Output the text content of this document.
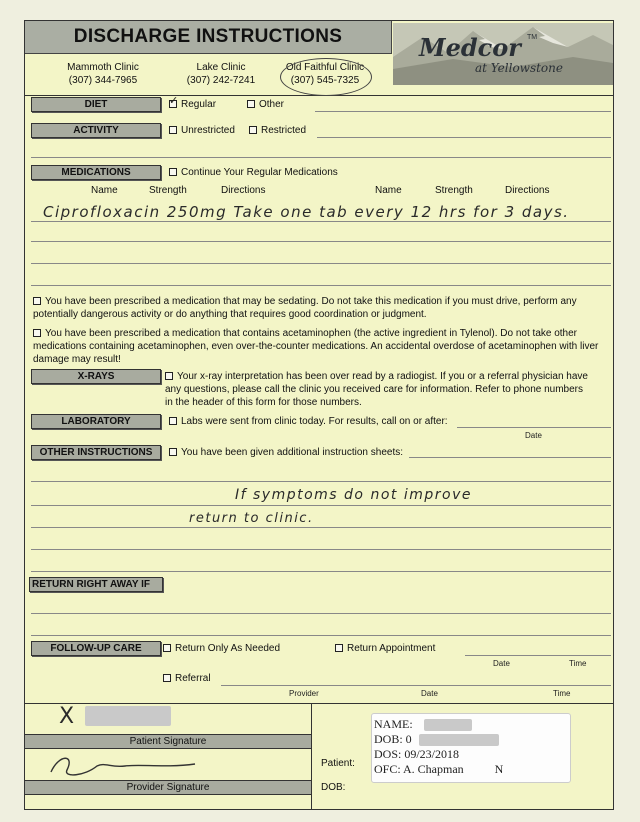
DISCHARGE INSTRUCTIONS
Mammoth Clinic
(307) 344-7965
Lake Clinic
(307) 242-7241
Old Faithful Clinic
(307) 545-7325
Medcor TM
at Yellowstone
DIET	✓ Regular	Other
ACTIVITY	Unrestricted	Restricted
MEDICATIONS	Continue Your Regular Medications
Name	Strength	Directions	Name	Strength	Directions
Ciprofloxacin 250mg Take one tab every 12 hrs for 3 days.
You have been prescribed a medication that may be sedating. Do not take this medication if you must drive, perform any potentially dangerous activity or do anything that requires good coordination or judgment.
You have been prescribed a medication that contains acetaminophen (the active ingredient in Tylenol). Do not take other medications containing acetaminophen, even over-the-counter medications. An accidental overdose of acetaminophen with liver damage may result!
X-RAYS	Your x-ray interpretation has been over read by a radiogist. If you or a referral physician have any questions, please call the clinic you received care for information. Refer to phone numbers in the header of this form for those numbers.
LABORATORY	Labs were sent from clinic today. For results, call on or after:
Date
OTHER INSTRUCTIONS	You have been given additional instruction sheets:
If symptoms do not improve
return to clinic.
RETURN RIGHT AWAY IF
FOLLOW-UP CARE	Return Only As Needed	Return Appointment
Date	Time
Referral
Provider	Date	Time
X
Patient Signature
Provider Signature
Patient:
DOB:
NAME:
DOB: 0
DOS: 09/23/2018
OFC: A. Chapman	N
